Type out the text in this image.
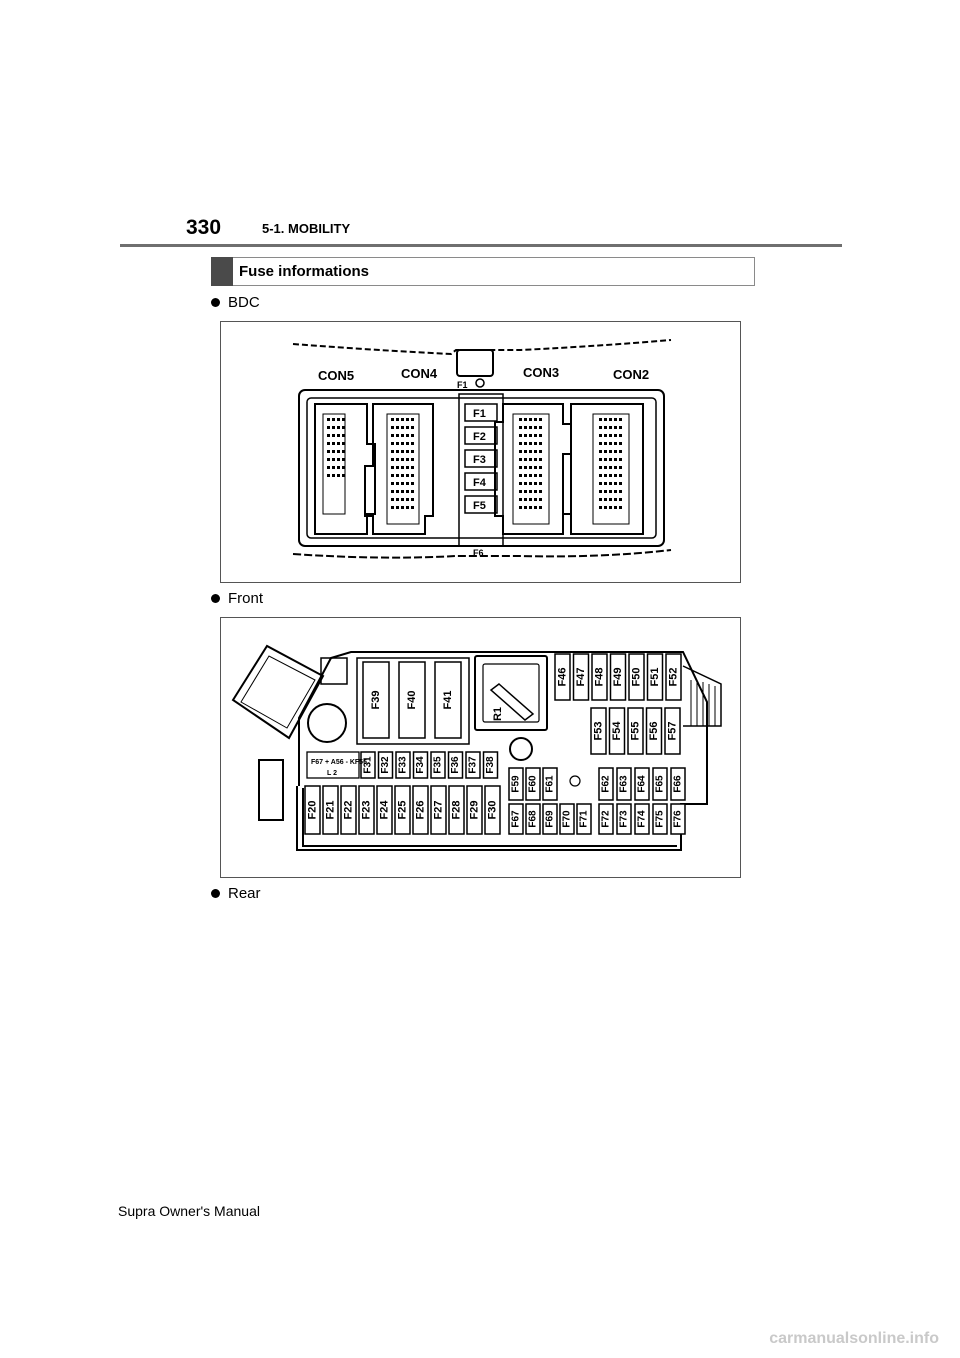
330	5-1. MOBILITY
Fuse informations
BDC
F1
F2
F3
F4
F5
CON5	CON4	CON3	CON2
F1
F6
Front
F39 F40 F41
R1
F46 F47 F48 F49 F50 F51 F52
F53 F54 F55 F56 F57
F31 F32 F33 F34 F35 F36 F37 F38
F20 F21 F22 F23 F24 F25 F26 F27 F28 F29 F30
F59 F60 F61
F67 F68 F69 F70 F71
F62 F63 F64 F65 F66
F72 F73 F74 F75 F76
F67 + A56 - KF56
L 2
Rear
Supra Owner's Manual
carmanualsonline.info
